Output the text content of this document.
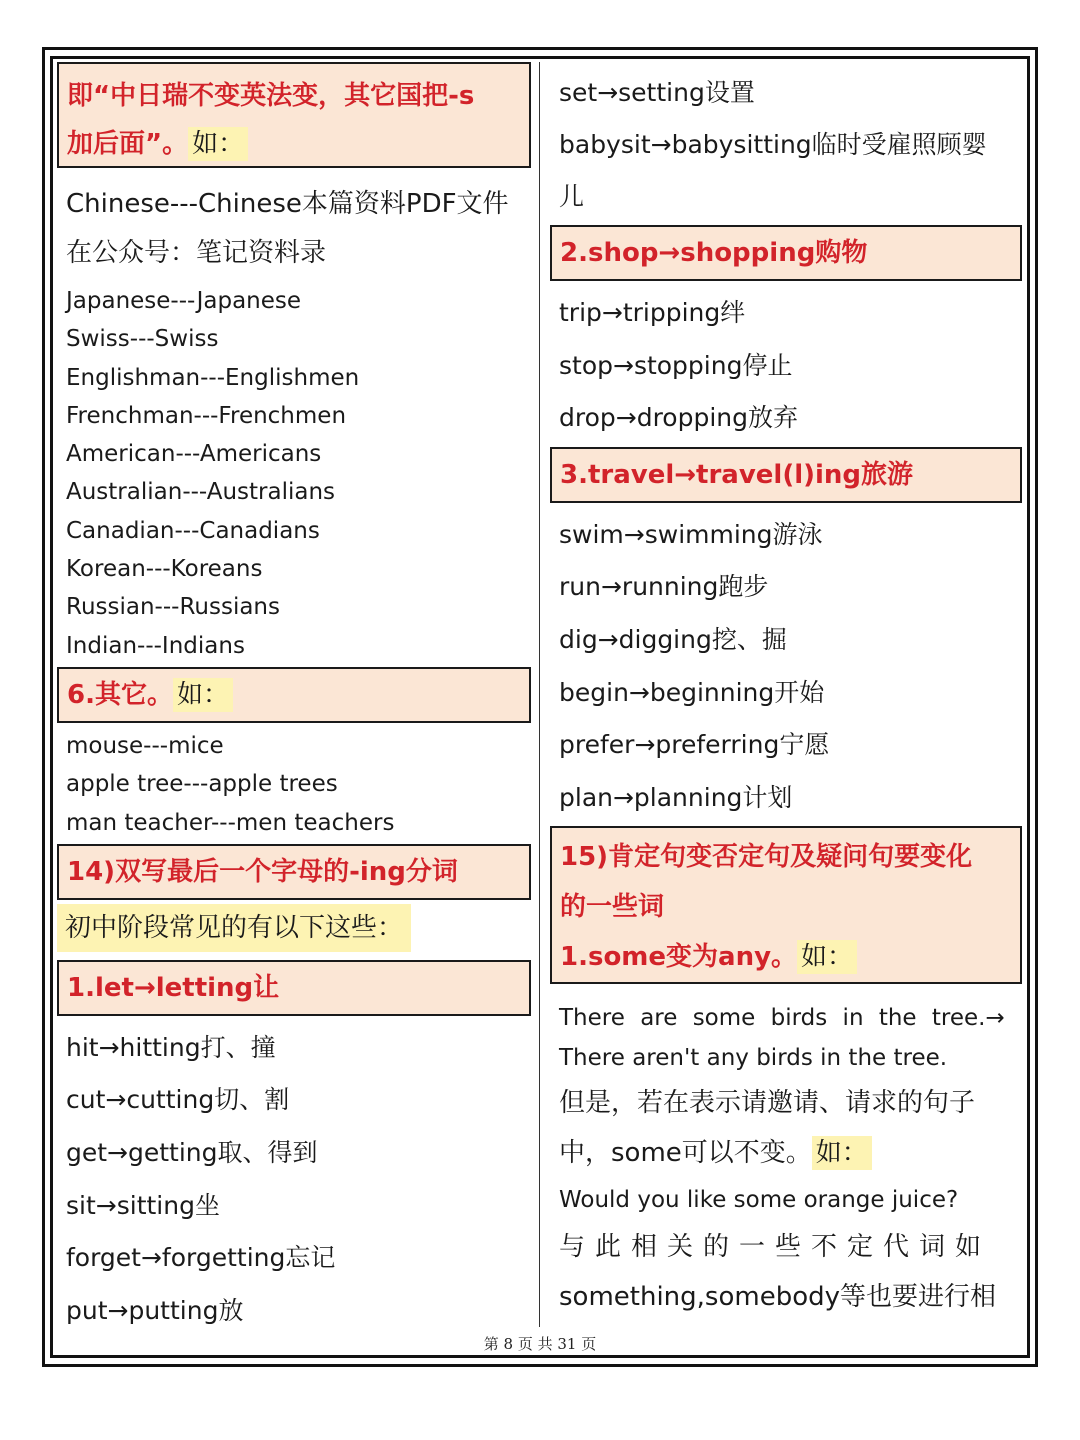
即“中日瑞不变英法变，其它国把-s
加后面”。 如：

Chinese---Chinese本篇资料PDF文件

在公众号：笔记资料录

Japanese---Japanese

Swiss---Swiss

Englishman---Englishmen

Frenchman---Frenchmen

American---Americans

Australian---Australians

Canadian---Canadians

Korean---Koreans

Russian---Russians

Indian---Indians

6.其它。 如：

mouse---mice

apple tree---apple trees

man teacher---men teachers

14)双写最后一个字母的-ing分词
初中阶段常见的有以下这些：
1.let→letting让

hit→hitting打、撞

cut→cutting切、割

get→getting取、得到

sit→sitting坐

forget→forgetting忘记

put→putting放

set→setting设置

babysit→babysitting临时受雇照顾婴

儿

2.shop→shopping购物

trip→tripping绊

stop→stopping停止

drop→dropping放弃

3.travel→travel(l)ing旅游

swim→swimming游泳

run→running跑步

dig→digging挖、掘

begin→beginning开始

prefer→preferring宁愿

plan→planning计划

15)肯定句变否定句及疑问句要变化
的一些词
1.some变为any。 如：

There are some birds in the tree.→

There aren't any birds in the tree.

但是，若在表示请邀请、请求的句子

中，some可以不变。 如：

Would you like some orange juice?

与此相关的一些不定代词如

something,somebody等也要进行相

第 8 页 共 31 页
